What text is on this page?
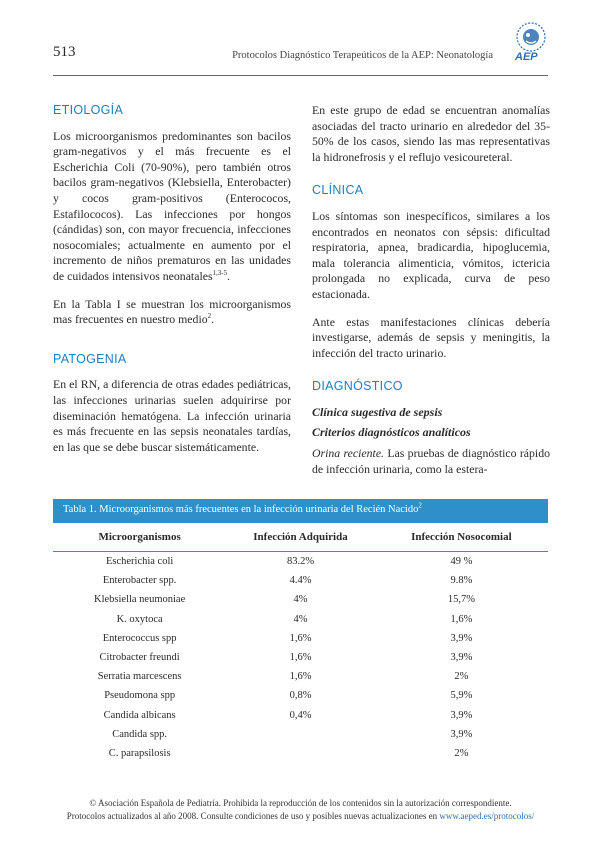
513	Protocolos Diagnóstico Terapeúticos de la AEP: Neonatología AEP
ETIOLOGÍA

Los microorganismos predominantes son bacilos gram-negativos y el más frecuente es el Escherichia Coli (70-90%), pero también otros bacilos gram-negativos (Klebsiella, Enterobacter) y cocos gram-positivos (Enterococos, Estafilococos). Las infecciones por hongos (cándidas) son, con mayor frecuencia, infecciones nosocomiales; actualmente en aumento por el incremento de niños prematuros en las unidades de cuidados intensivos neonatales$^{1,3-5}$.

En la Tabla I se muestran los microorganismos mas frecuentes en nuestro medio$^2$.

PATOGENIA

En el RN, a diferencia de otras edades pediátricas, las infecciones urinarias suelen adquirirse por diseminación hematógena. La infección urinaria es más frecuente en las sepsis neonatales tardías, en las que se debe buscar sistemáticamente.

En este grupo de edad se encuentran anomalías asociadas del tracto urinario en alrededor del 35-50% de los casos, siendo las mas representativas la hidronefrosis y el reflujo vesicoureteral.

CLÍNICA

Los síntomas son inespecíficos, similares a los encontrados en neonatos con sépsis: dificultad respiratoria, apnea, bradicardia, hipoglucemia, mala tolerancia alimenticia, vómitos, ictericia prolongada no explicada, curva de peso estacionada.

Ante estas manifestaciones clínicas debería investigarse, además de sepsis y meningitis, la infección del tracto urinario.

DIAGNÓSTICO
Clínica sugestiva de sepsis
Criterios diagnósticos analíticos

Orina reciente. Las pruebas de diagnóstico rápido de infección urinaria, como la estera-

Tabla 1. Microorganismos más frecuentes en la infección urinaria del Recién Nacido$^2$
Microorganismos	Infección Adquirida	Infección Nosocomial
Escherichia coli	83.2%	49 %
Enterobacter spp.	4.4%	9.8%
Klebsiella neumoniae	4%	15,7%
K. oxytoca	4%	1,6%
Enterococcus spp	1,6%	3,9%
Citrobacter freundi	1,6%	3,9%
Serratia marcescens	1,6%	2%
Pseudomona spp	0,8%	5,9%
Candida albicans	0,4%	3,9%
Candida spp.		3,9%
C. parapsilosis		2%
© Asociación Española de Pediatría. Prohibida la reproducción de los contenidos sin la autorización correspondiente.
Protocolos actualizados al año 2008. Consulte condiciones de uso y posibles nuevas actualizaciones en www.aeped.es/protocolos/
